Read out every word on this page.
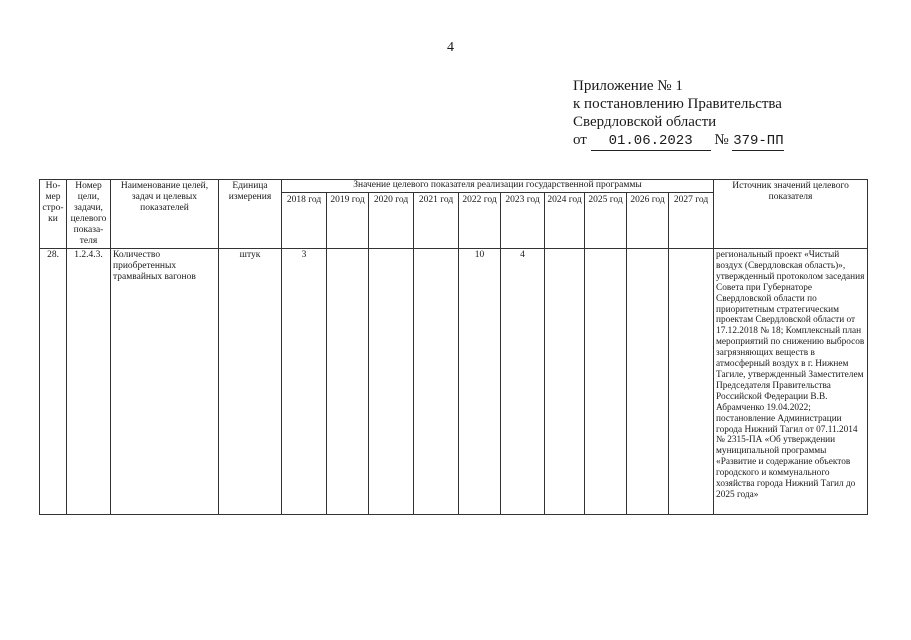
4
Приложение № 1
к постановлению Правительства
Свердловской области
от 01.06.2023 № 379-ПП
Но-мер стро-ки	Номер цели, задачи, целевого показа-теля	Наименование целей, задач и целевых показателей	Единица измерения	Значение целевого показателя реализации государственной программы										Источник значений целевого показателя
				2018 год	2019 год	2020 год	2021 год	2022 год	2023 год	2024 год	2025 год	2026 год	2027 год	
28.	1.2.4.3.	Количество приобретенных трамвайных вагонов	штук	3				10	4					региональный проект «Чистый воздух (Свердловская область)», утвержденный протоколом заседания Совета при Губернаторе Свердловской области по приоритетным стратегическим проектам Свердловской области от 17.12.2018 № 18; Комплексный план мероприятий по снижению выбросов загрязняющих веществ в атмосферный воздух в г. Нижнем Тагиле, утвержденный Заместителем Председателя Правительства Российской Федерации В.В. Абрамченко 19.04.2022; постановление Администрации города Нижний Тагил от 07.11.2014 № 2315-ПА «Об утверждении муниципальной программы «Развитие и содержание объектов городского и коммунального хозяйства города Нижний Тагил до 2025 года»
